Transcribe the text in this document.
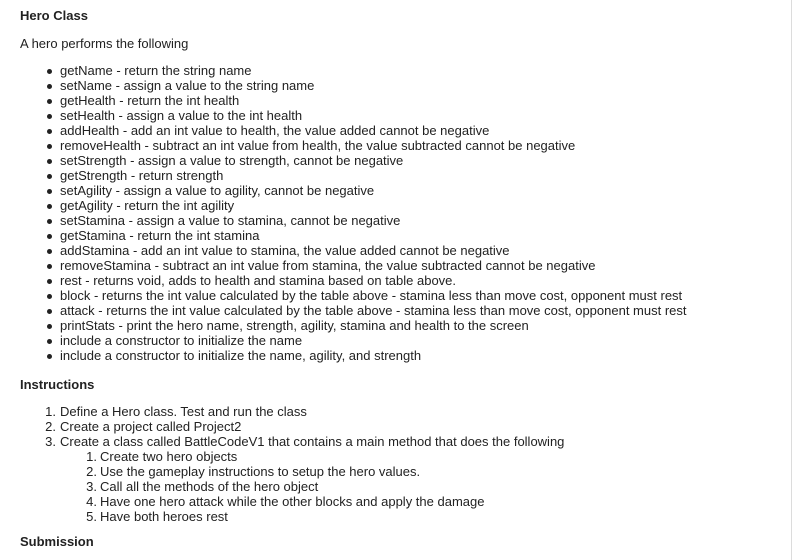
Hero Class
A hero performs the following
getName - return the string name
setName - assign a value to the string name
getHealth - return the int health
setHealth - assign a value to the int health
addHealth - add an int value to health, the value added cannot be negative
removeHealth - subtract an int value from health, the value subtracted cannot be negative
setStrength - assign a value to strength, cannot be negative
getStrength - return strength
setAgility - assign a value to agility, cannot be negative
getAgility - return the int agility
setStamina - assign a value to stamina, cannot be negative
getStamina - return the int stamina
addStamina - add an int value to stamina, the value added cannot be negative
removeStamina - subtract an int value from stamina, the value subtracted cannot be negative
rest - returns void, adds to health and stamina based on table above.
block - returns the int value calculated by the table above - stamina less than move cost, opponent must rest
attack - returns the int value calculated by the table above - stamina less than move cost, opponent must rest
printStats - print the hero name, strength, agility, stamina and health to the screen
include a constructor to initialize the name
include a constructor to initialize the name, agility, and strength
Instructions
1. Define a Hero class. Test and run the class
2. Create a project called Project2
3. Create a class called BattleCodeV1 that contains a main method that does the following
1. Create two hero objects
2. Use the gameplay instructions to setup the hero values.
3. Call all the methods of the hero object
4. Have one hero attack while the other blocks and apply the damage
5. Have both heroes rest
Submission
